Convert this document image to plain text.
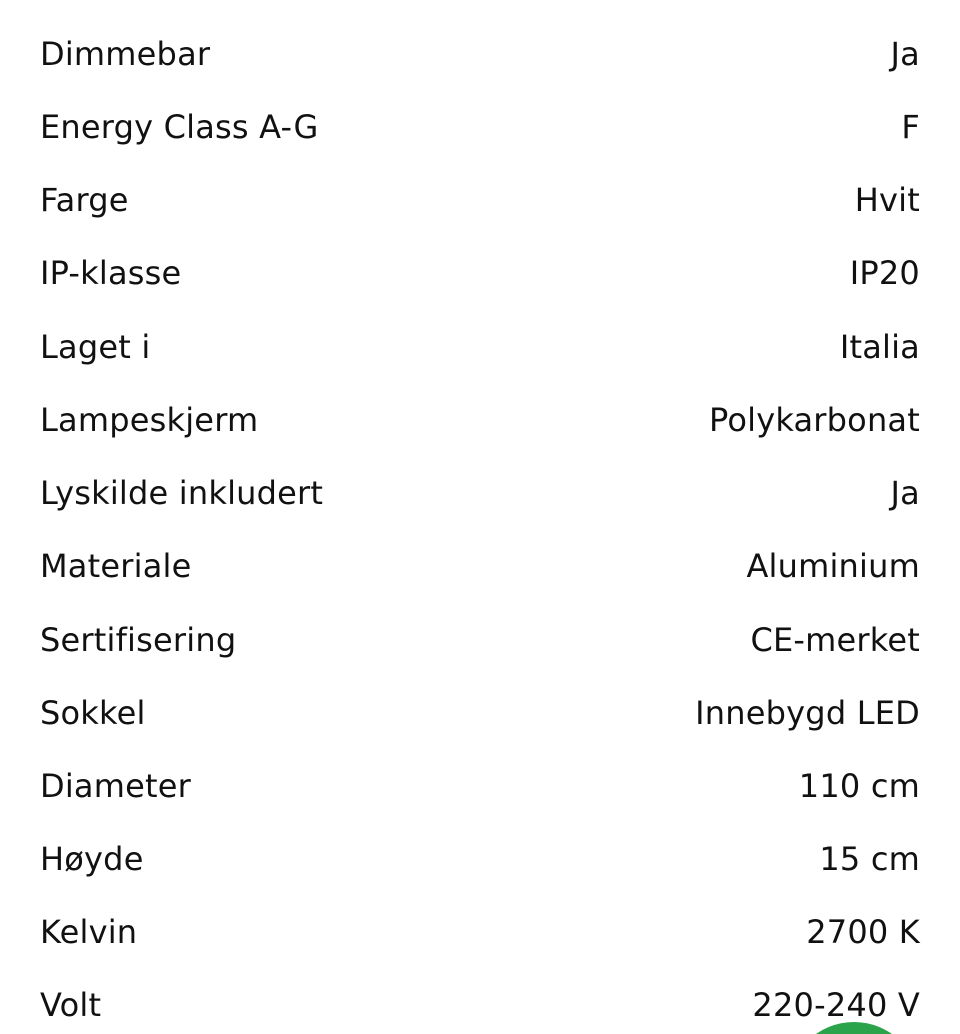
Dimmebar	Ja
Energy Class A-G	F
Farge	Hvit
IP-klasse	IP20
Laget i	Italia
Lampeskjerm	Polykarbonat
Lyskilde inkludert	Ja
Materiale	Aluminium
Sertifisering	CE-merket
Sokkel	Innebygd LED
Diameter	110 cm
Høyde	15 cm
Kelvin	2700 K
Volt	220-240 V
